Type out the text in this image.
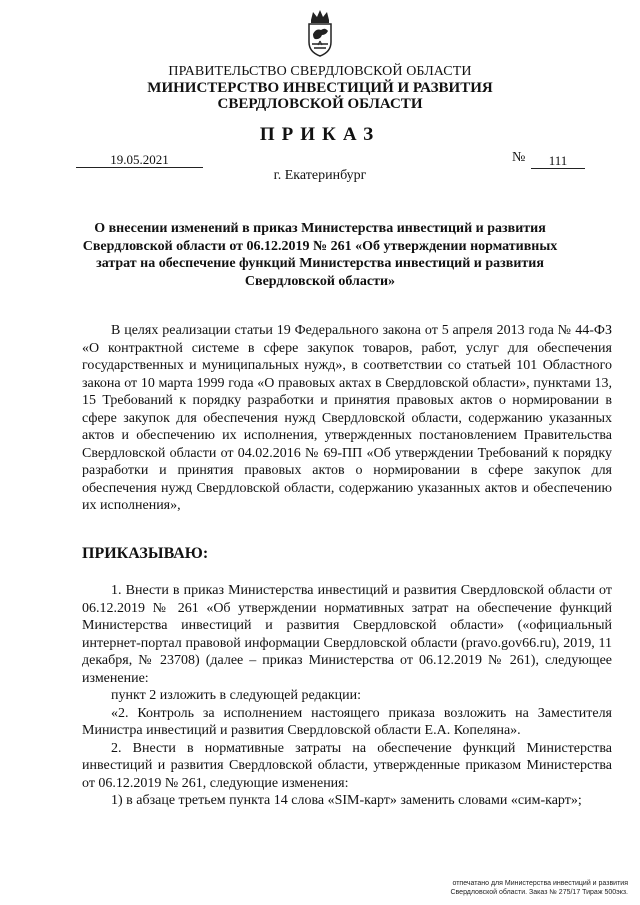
ПРАВИТЕЛЬСТВО СВЕРДЛОВСКОЙ ОБЛАСТИ
МИНИСТЕРСТВО ИНВЕСТИЦИЙ И РАЗВИТИЯ
СВЕРДЛОВСКОЙ ОБЛАСТИ
ПРИКАЗ
19.05.2021	№	111
г. Екатеринбург
О внесении изменений в приказ Министерства инвестиций и развития Свердловской области от 06.12.2019 № 261 «Об утверждении нормативных затрат на обеспечение функций Министерства инвестиций и развития Свердловской области»

В целях реализации статьи 19 Федерального закона от 5 апреля 2013 года № 44-ФЗ «О контрактной системе в сфере закупок товаров, работ, услуг для обеспечения государственных и муниципальных нужд», в соответствии со статьей 101 Областного закона от 10 марта 1999 года «О правовых актах в Свердловской области», пунктами 13, 15 Требований к порядку разработки и принятия правовых актов о нормировании в сфере закупок для обеспечения нужд Свердловской области, содержанию указанных актов и обеспечению их исполнения, утвержденных постановлением Правительства Свердловской области от 04.02.2016 № 69-ПП «Об утверждении Требований к порядку разработки и принятия правовых актов о нормировании в сфере закупок для обеспечения нужд Свердловской области, содержанию указанных актов и обеспечению их исполнения»,

ПРИКАЗЫВАЮ:

1. Внести в приказ Министерства инвестиций и развития Свердловской области от 06.12.2019 № 261 «Об утверждении нормативных затрат на обеспечение функций Министерства инвестиций и развития Свердловской области» («официальный интернет-портал правовой информации Свердловской области (pravo.gov66.ru), 2019, 11 декабря, № 23708) (далее – приказ Министерства от 06.12.2019 № 261), следующее изменение:

пункт 2 изложить в следующей редакции:

«2. Контроль за исполнением настоящего приказа возложить на Заместителя Министра инвестиций и развития Свердловской области Е.А. Копеляна».

2. Внести в нормативные затраты на обеспечение функций Министерства инвестиций и развития Свердловской области, утвержденные приказом Министерства от 06.12.2019 № 261, следующие изменения:

1) в абзаце третьем пункта 14 слова «SIM-карт» заменить словами «сим-карт»;

отпечатано для Министерства инвестиций и развития
Свердловской области. Заказ № 275/17 Тираж 500экз.
